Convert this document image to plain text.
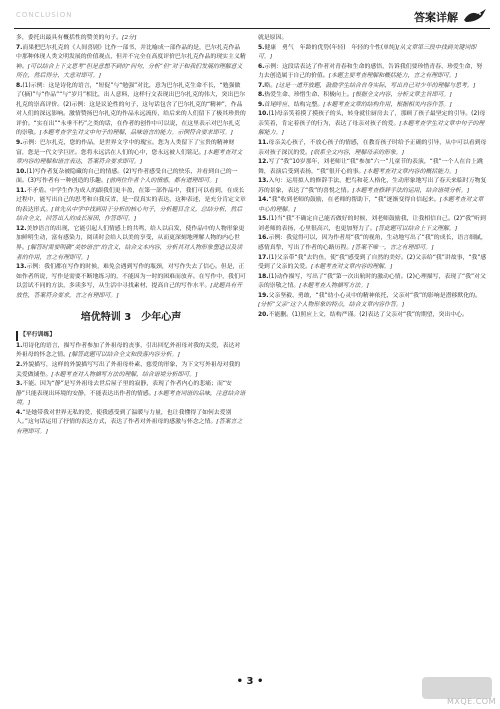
CONCLUSION	答案详解

多，委托出最具有概括性的赞美的句子。[2分]

7.而果把巴尔扎克的《人间喜剧》比作一部书，并比喻成一部作品的是，巴尔扎克作品中那种体现人类文明发展的价值观点，但并不完全在高度评价巴尔扎克作品的现实主义精神。[可以结合上下文思考“但是意想不到的”问句，分析“但”对于和我们发展的理解意义所在，然后得分，大意对即可。]

8.(1)示例：这是诗化的语言，“短促”与“勉强”对比，意为巴尔扎克生命不长，“勉强做了(摘)”与“作品”“与“岁月”相比，出人意料，这样行文表现出巴尔扎克的伟大，突出巴尔扎克的崇高评价。(2)示例：这是议论性的句子，这句话包含了巴尔扎克的“精神”，作品对人们的深远影响。激情赞扬巴尔扎克的作品永远流传，给后来的人们留下了极其珍贵的评价。“实在出”“永垂不朽”之类的话，在作者的创作中可以说，在这里表示对巴尔扎克的崇敬。[本题考查学生对文中句子的理解，品味语言的能力。示例符合要求即可。]

9.示例：巴尔扎克，您的作品，是世界文学中的瑰宝。您为人类留下了宝贵的精神财富，您是一代文学巨匠。您将永远活在人们的心中，您永远被人们铭记。[本题考查对文章内容的理解和语言表达，答案符合要求即可。]

10.(1)写作者复杂被隐藏的自己的情感。(2)写作者感受自己的快乐，并看到自己的一面。(3)写作者有一种创造的乐趣。[前两位作者个人的情感，都有道理即可。]

11.不矛盾。中学生作为成人的跟我们更丰盈，在第一部作品中，我们可以看到，在成长过程中，能写出自己的思考和自我反省，是一段真实的表达，这种表述，是充分肯定文章的表达形式。[首先从中学中找到用于分析的核心句子，分析题目含义，总结分析，然后结合全文，回答出人的成长原因，作答即可。]

12.美妙语言的出现，它能引起人们情感上的共鸣，给人以启发，使作品中的人物形象更加鲜明生动，富有感染力，阅读时会给人以美的享受，从而更深刻地理解人物的内心世界。[解答时需要明确“美妙语言”的含义，结合文本内容，分析其对人物形象塑造以及读者的作用，言之有理即可。]

13.示例：我们都在写作的时候，难免会遇到写作的瓶颈，对写作失去了信心。但是，正如作者所说，写作是需要不断地练习的，不能因为一时的困难而放弃。在写作中，我们可以尝试不同的方法，多读多写，从生活中寻找素材，提高自己的写作水平。[此题具有开放性，答案符合要求，言之有理即可。]

培优特训 3　少年心声
【平行训练】

1.用诗化的语言，描写作者参加了外祖母的丧事，引出回忆外祖母对我的关爱，表达对外祖母的怀念之情。[解答此题可以结合全文和段落内容分析。]

2.外貌描写，这样的外貌描写写出了外祖母朴素、慈爱的形象，为下文写外祖母对我的关爱做铺垫。[本题考查对人物描写方法的理解，结合语境分析即可。]

3.不能。因为“静”是写外祖母去世后屋子里的寂静，表现了作者内心的悲痛；而“安静”只能表现出环境的安静，不能表达出作者的情感。[本题考查词语的品味，注意结合语境。]

4.“是她带我对世界无私的爱，使我感受到了温暖与力量，也让我懂得了如何去爱别人。”这句话运用了抒情的表达方式，表达了作者对外祖母的感激与怀念之情。[答案言之有理即可。]

就是原因。

5.健康　勇气　年龄的优势(年轻)　年轻的个性(单纯)[从文章第三段中找到关键词即可。]

6.示例：这段话表达了作者对青春和生命的感悟，告诉我们要珍惜青春、珍爱生命，努力去创造属于自己的价值。[本题主要考查理解和概括能力，言之有理即可。]

7.略。[这是一道开放题，鼓励学生结合自身实际，写出自己对少年的理解与思考。]

8.热爱生命、珍惜生命、积极向上。[根据全文内容，分析文章主旨即可。]

9.首尾呼应，结构完整。[本题考查文章的结构作用，根据相关内容作答。]

10.(1)母亲笑着摸了摸孩子的头，转身就往厨房去了，那顾了孩子最坚定的引导。(2)母亲笑着，肯定着孩子的行为，表达了母亲对孩子的爱。[本题考查学生对文章中句子的理解能力。]

11.母亲关心孩子，不放心孩子的情感，在教育孩子时给予正确的引导，从中可以看到母亲对孩子深沉的爱。[联系全文内容，理解母亲的形象。]

12.写了“我”10岁那年，刘老师让“我”参加“六一”儿童节的表演，“我”一个人在台上跳舞，表演后受到表扬，“我”很开心的事。[本题考查对文章内容的概括能力。]

13.入句：运用拟人的修辞手法，把鸟和花人格化，生动形象地写出了春天来临时万物复苏的景象，表达了“我”的喜悦之情。[本题考查修辞手法的运用，结合语境分析。]

14.“我”收到老师的鼓励，在老师的帮助下，“我”逐渐变得自信起来。[本题考查对文章中心的理解。]

15.(1)当“我”不确定自己能否做好的时候，刘老师鼓励我，让我相信自己。(2)“我”听到刘老师的表扬，心里很高兴，也更加努力了。[答此题可以结合上下文理解。]

16.示例：我觉得可以，因为作者用“我”的视角，生动地写出了“我”的成长，语言细腻，感情真挚，写出了作者的心路历程。[答案不唯一，言之有理即可。]

17.(1)父亲带“我”去钓鱼，使“我”感受到了自然的美好。(2)父亲给“我”讲故事，“我”感受到了父亲的关爱。[本题考查对文章内容的理解。]

18.(1)动作描写，写出了“我”第一次出航时的激动心情。(2)心理描写，表现了“我”对父亲的崇敬之情。[本题考查人物描写方法。]

19.父亲坚毅、勇敢，“我”幼小心灵中的精神依托，父亲对“我”的影响是潜移默化的。[分析“父亲”这个人物形象的特点，结合文章内容作答。]

20.不能删。(1)照应上文，结构严谨。(2)表达了父亲对“我”的期望，突出中心。

• 3 •
MXQE.COM
